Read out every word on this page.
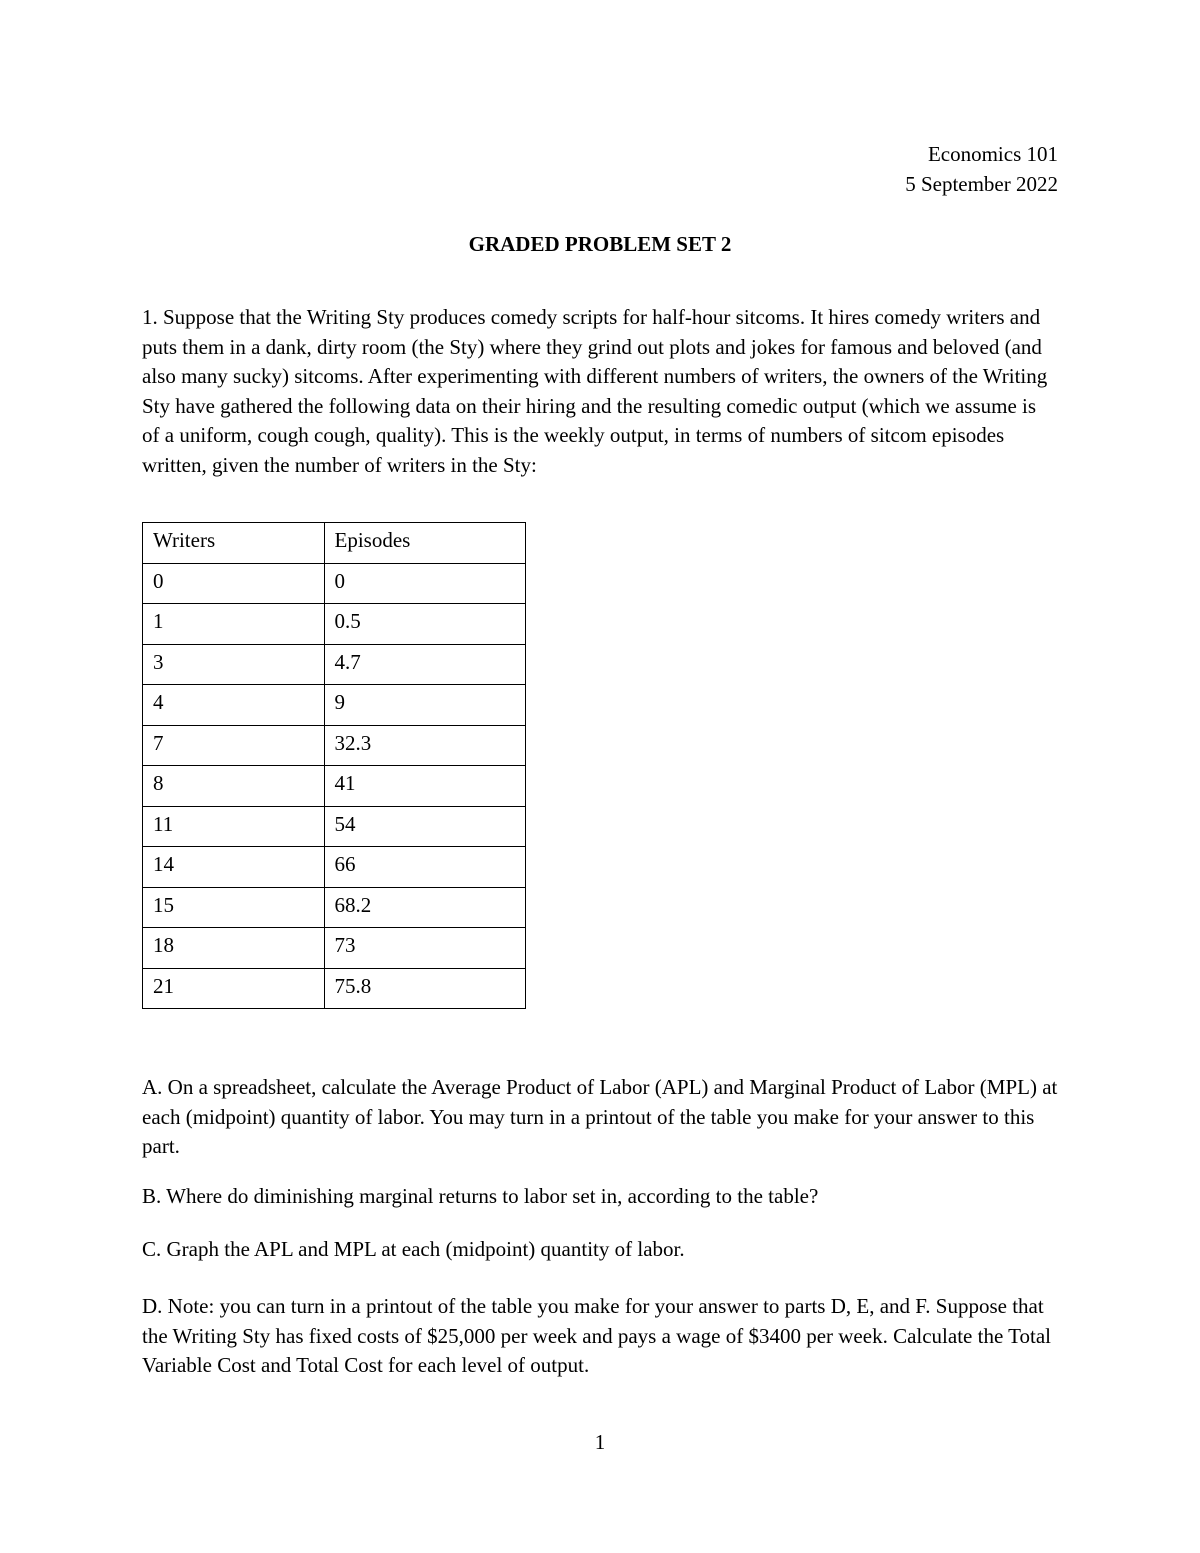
Economics 101
5 September 2022
GRADED PROBLEM SET 2

1. Suppose that the Writing Sty produces comedy scripts for half-hour sitcoms. It hires comedy writers and puts them in a dank, dirty room (the Sty) where they grind out plots and jokes for famous and beloved (and also many sucky) sitcoms. After experimenting with different numbers of writers, the owners of the Writing Sty have gathered the following data on their hiring and the resulting comedic output (which we assume is of a uniform, cough cough, quality). This is the weekly output, in terms of numbers of sitcom episodes written, given the number of writers in the Sty:

Writers	Episodes
0	0
1	0.5
3	4.7
4	9
7	32.3
8	41
11	54
14	66
15	68.2
18	73
21	75.8

A. On a spreadsheet, calculate the Average Product of Labor (APL) and Marginal Product of Labor (MPL) at each (midpoint) quantity of labor. You may turn in a printout of the table you make for your answer to this part.

B. Where do diminishing marginal returns to labor set in, according to the table?

C. Graph the APL and MPL at each (midpoint) quantity of labor.

D. Note: you can turn in a printout of the table you make for your answer to parts D, E, and F. Suppose that the Writing Sty has fixed costs of $25,000 per week and pays a wage of $3400 per week. Calculate the Total Variable Cost and Total Cost for each level of output.

1
